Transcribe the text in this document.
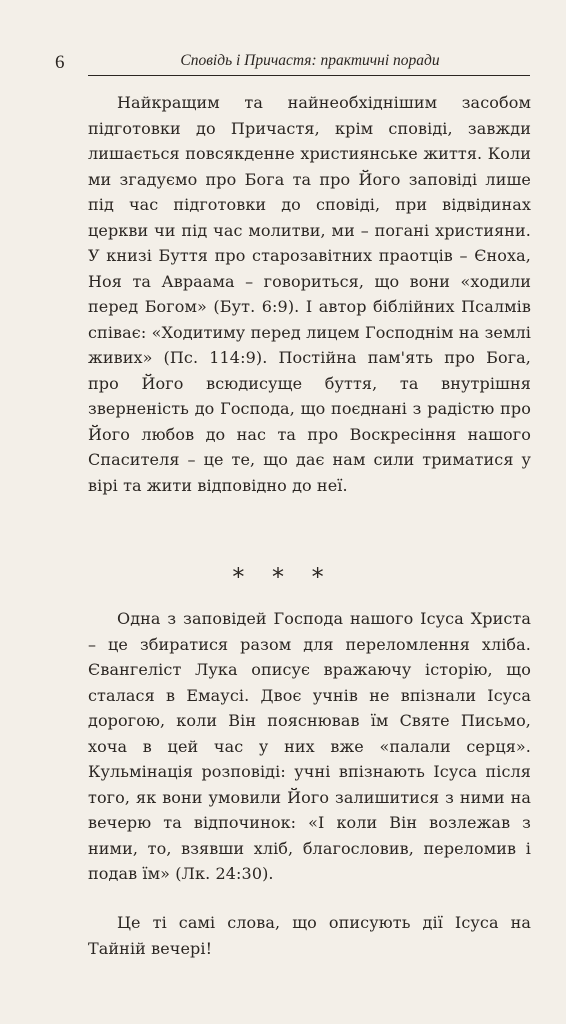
6	Сповідь і Причастя: практичні поради

Найкращим та найнеобхіднішим засобом підготовки до Причастя, крім сповіді, завжди лишається повсякденне християнське життя. Коли ми згадуємо про Бога та про Його заповіді лише під час підготовки до сповіді, при відвідинах церкви чи під час молитви, ми – погані християни. У книзі Буття про старозавітних праотців – Єноха, Ноя та Авраама – говориться, що вони «ходили перед Богом» (Бут. 6:9). І автор біблійних Псалмів співає: «Ходитиму перед лицем Господнім на землі живих» (Пс. 114:9). Постійна пам'ять про Бога, про Його всюдисуще буття, та внутрішня зверненість до Господа, що поєднані з радістю про Його любов до нас та про Воскресіння нашого Спасителя – це те, що дає нам сили триматися у вірі та жити відповідно до неї.

* * *

Одна з заповідей Господа нашого Ісуса Христа – це збиратися разом для переломлення хліба. Євангеліст Лука описує вражаючу історію, що сталася в Емаусі. Двоє учнів не впізнали Ісуса дорогою, коли Він пояснював їм Святе Письмо, хоча в цей час у них вже «палали серця». Кульмінація розповіді: учні впізнають Ісуса після того, як вони умовили Його залишитися з ними на вечерю та відпочинок: «І коли Він возлежав з ними, то, взявши хліб, благословив, переломив і подав їм» (Лк. 24:30).

Це ті самі слова, що описують дії Ісуса на Тайній вечері!
